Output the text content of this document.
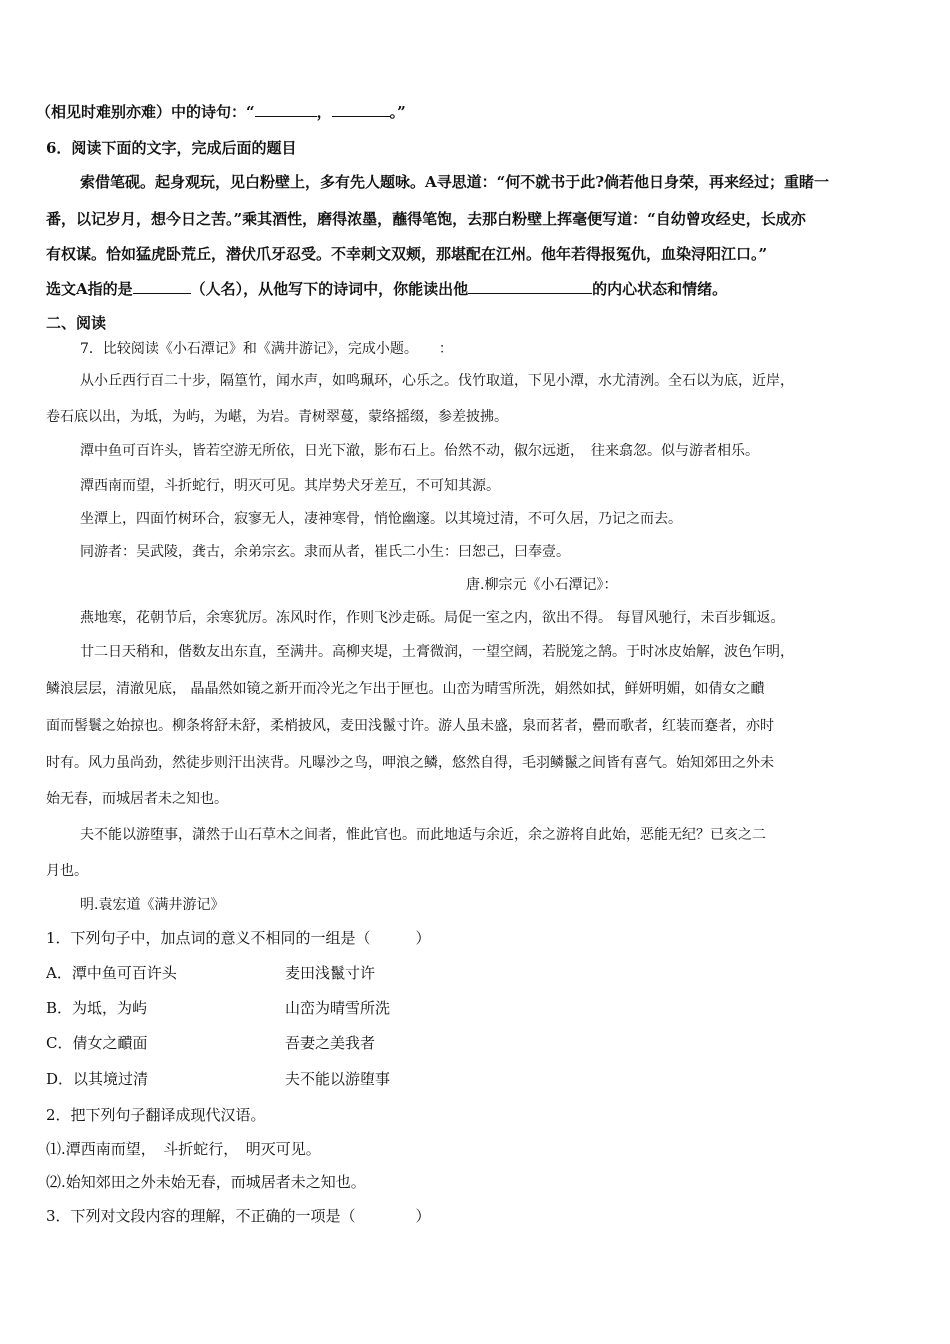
（相见时难别亦难）中的诗句：“	，	。”
6．阅读下面的文字，完成后面的题目
索借笔砚。起身观玩，见白粉壁上，多有先人题咏。A寻思道：“何不就书于此?倘若他日身荣，再来经过；重睹一
番，以记岁月，想今日之苦。”乘其酒性，磨得浓墨，蘸得笔饱，去那白粉壁上挥毫便写道：“自幼曾攻经史，长成亦
有权谋。恰如猛虎卧荒丘，潜伏爪牙忍受。不幸刺文双颊，那堪配在江州。他年若得报冤仇，血染浔阳江口。”
选文A指的是	（人名），从他写下的诗词中，你能读出他	的内心状态和情绪。
二、阅读
7．比较阅读《小石潭记》和《满井游记》，完成小题。　　：
从小丘西行百二十步，隔篁竹，闻水声，如鸣珮环，心乐之。伐竹取道，下见小潭，水尤清洌。全石以为底，近岸，
卷石底以出，为坻，为屿，为嵁，为岩。青树翠蔓，蒙络摇缀，参差披拂。
潭中鱼可百许头，皆若空游无所依，日光下澈，影布石上。佁然不动，俶尔远逝，　往来翕忽。似与游者相乐。
潭西南而望，斗折蛇行，明灭可见。其岸势犬牙差互，不可知其源。
坐潭上，四面竹树环合，寂寥无人，凄神寒骨，悄怆幽邃。以其境过清，不可久居，乃记之而去。
同游者：吴武陵，龚古，余弟宗玄。隶而从者，崔氏二小生：曰恕己，曰奉壹。
唐.柳宗元《小石潭记》：
燕地寒，花朝节后，余寒犹厉。冻风时作，作则飞沙走砾。局促一室之内，欲出不得。 每冒风驰行，未百步辄返。
廿二日天稍和，偕数友出东直，至满井。高柳夹堤，土膏微润，一望空阔，若脱笼之鹄。于时冰皮始解，波色乍明，
鳞浪层层，清澈见底， 晶晶然如镜之新开而冷光之乍出于匣也。山峦为晴雪所洗，娟然如拭，鲜妍明媚，如倩女之靧
面而髻鬟之始掠也。柳条将舒未舒，柔梢披风，麦田浅鬣寸许。游人虽未盛，泉而茗者，罍而歌者，红装而蹇者，亦时
时有。风力虽尚劲，然徒步则汗出浃背。凡曝沙之鸟，呷浪之鳞，悠然自得，毛羽鳞鬣之间皆有喜气。始知郊田之外未
始无春，而城居者未之知也。
夫不能以游堕事，潇然于山石草木之间者，惟此官也。而此地适与余近，余之游将自此始，恶能无纪？已亥之二
月也。
明.袁宏道《满井游记》
1．下列句子中，加点词的意义不相同的一组是（　　　）
A．潭中鱼可百许头	麦田浅鬣寸许
B．为坻，为屿	山峦为晴雪所洗
C．倩女之靧面	吾妻之美我者
D．以其境过清	夫不能以游堕事
2．把下列句子翻译成现代汉语。
⑴.潭西南而望，　斗折蛇行，　明灭可见。
⑵.始知郊田之外未始无春，而城居者未之知也。
3．下列对文段内容的理解，不正确的一项是（　　　　）
